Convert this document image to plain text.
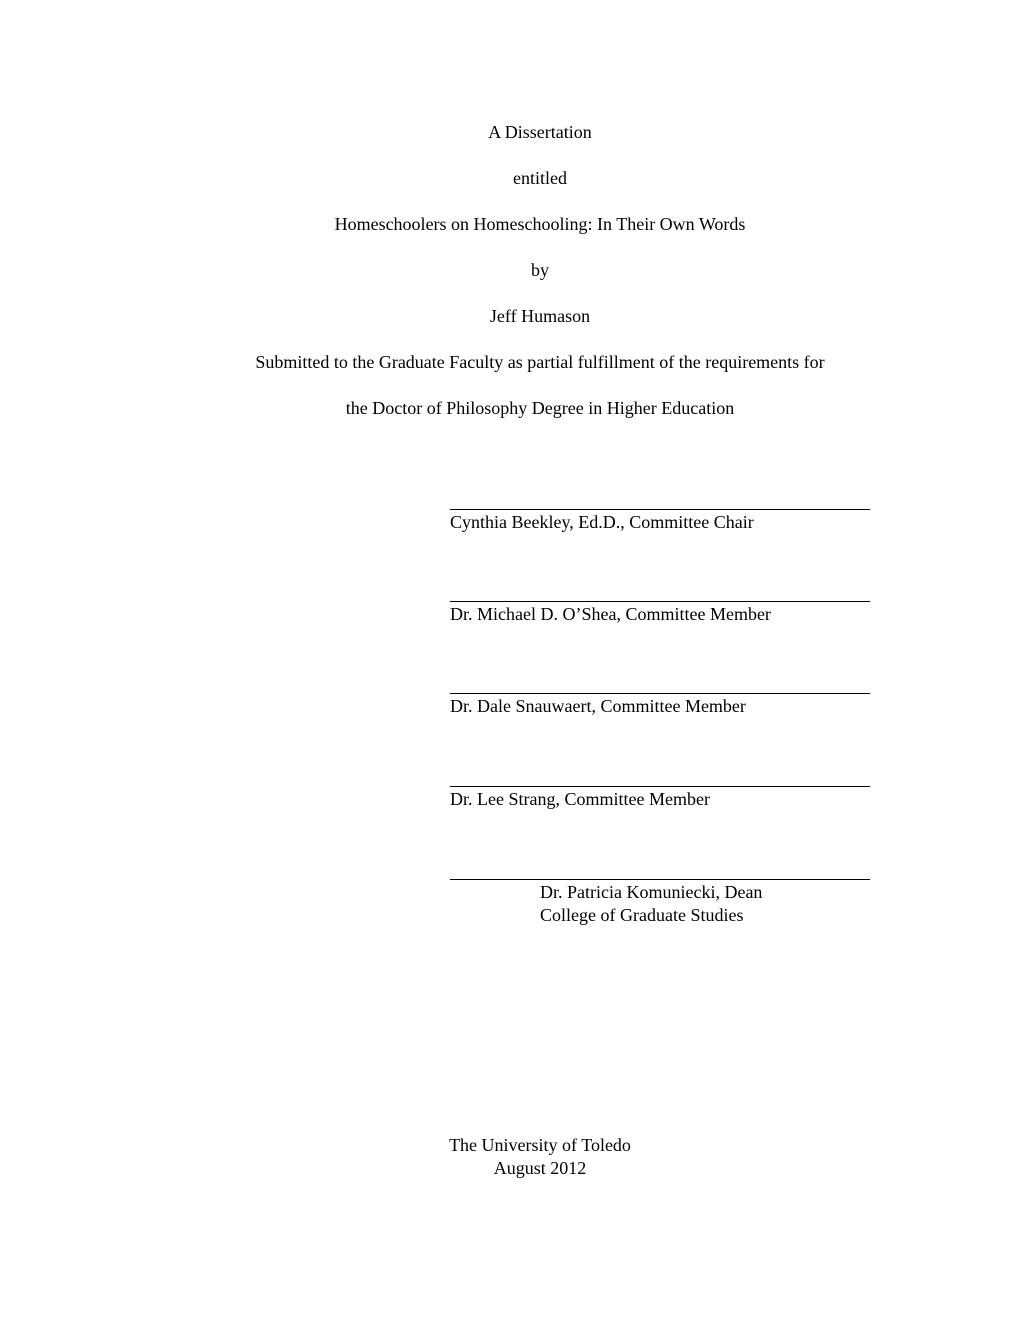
A Dissertation
entitled
Homeschoolers on Homeschooling: In Their Own Words
by
Jeff Humason
Submitted to the Graduate Faculty as partial fulfillment of the requirements for
the Doctor of Philosophy Degree in Higher Education
Cynthia Beekley, Ed.D., Committee Chair
Dr. Michael D. O’Shea, Committee Member
Dr. Dale Snauwaert, Committee Member
Dr. Lee Strang, Committee Member
Dr. Patricia Komuniecki, Dean
College of Graduate Studies
The University of Toledo
August 2012
